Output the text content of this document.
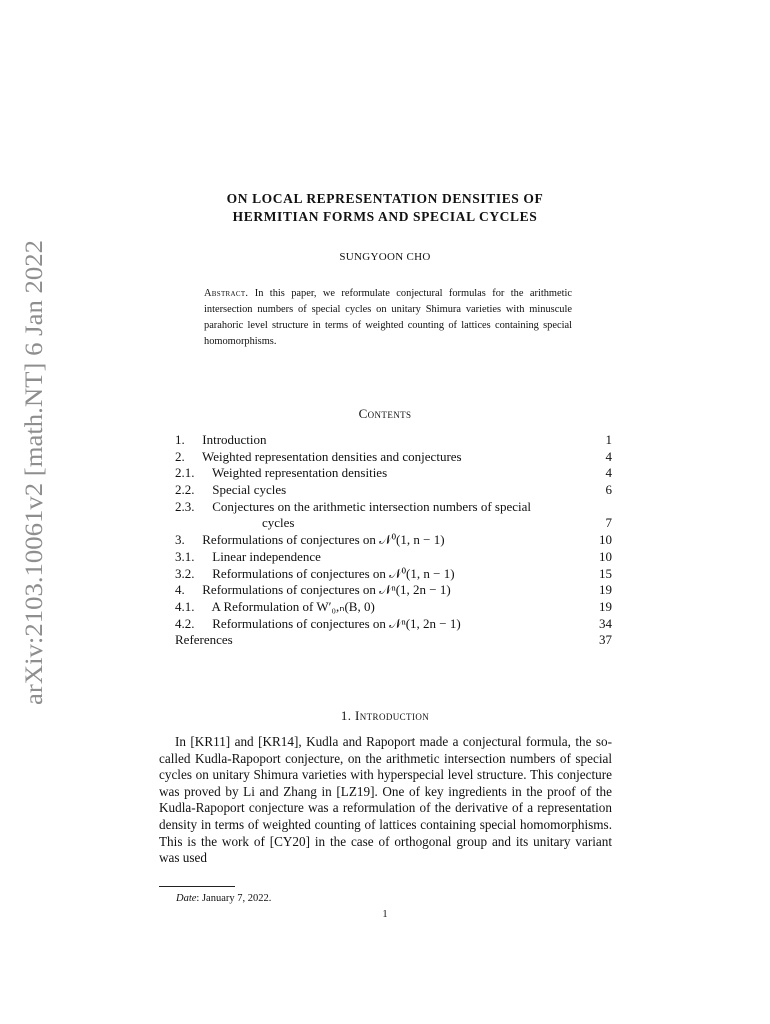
arXiv:2103.10061v2 [math.NT] 6 Jan 2022
ON LOCAL REPRESENTATION DENSITIES OF
HERMITIAN FORMS AND SPECIAL CYCLES
SUNGYOON CHO
Abstract. In this paper, we reformulate conjectural formulas for the arithmetic intersection numbers of special cycles on unitary Shimura varieties with minuscule parahoric level structure in terms of weighted counting of lattices containing special homomorphisms.
Contents
1. Introduction	1
2. Weighted representation densities and conjectures	4
2.1. Weighted representation densities	4
2.2. Special cycles	6
2.3. Conjectures on the arithmetic intersection numbers of special
cycles	7
3. Reformulations of conjectures on 𝒩⁰(1, n − 1)	10
3.1. Linear independence	10
3.2. Reformulations of conjectures on 𝒩⁰(1, n − 1)	15
4. Reformulations of conjectures on 𝒩ⁿ(1, 2n − 1)	19
4.1. A Reformulation of W′₀,ₙ(B, 0)	19
4.2. Reformulations of conjectures on 𝒩ⁿ(1, 2n − 1)	34
References	37
1. Introduction
In [KR11] and [KR14], Kudla and Rapoport made a conjectural formula, the so-called Kudla-Rapoport conjecture, on the arithmetic intersection numbers of special cycles on unitary Shimura varieties with hyperspecial level structure. This conjecture was proved by Li and Zhang in [LZ19]. One of key ingredients in the proof of the Kudla-Rapoport conjecture was a reformulation of the derivative of a representation density in terms of weighted counting of lattices containing special homomorphisms. This is the work of [CY20] in the case of orthogonal group and its unitary variant was used
Date: January 7, 2022.
1
